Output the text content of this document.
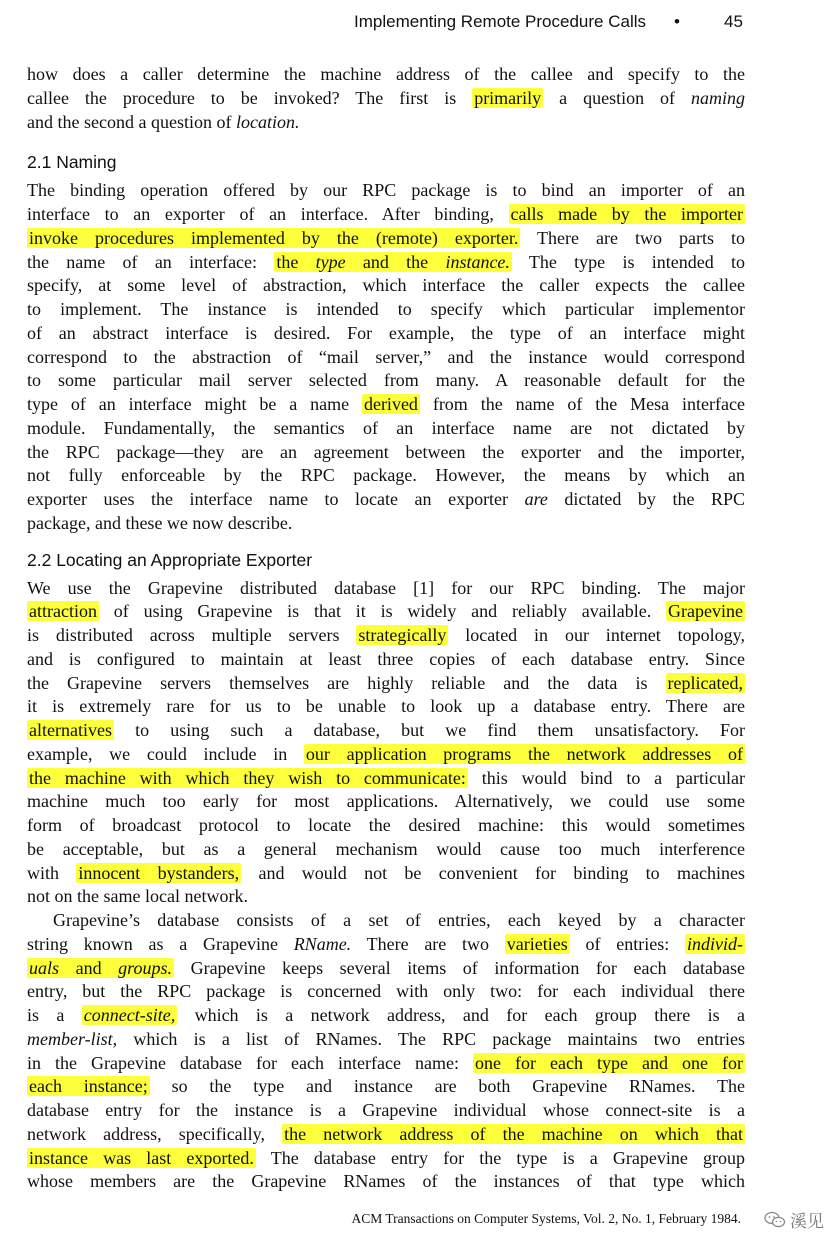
Implementing Remote Procedure Calls •	45
how does a caller determine the machine address of the callee and specify to the
callee the procedure to be invoked? The first is primarily a question of naming
and the second a question of location.
2.1 Naming
The binding operation offered by our RPC package is to bind an importer of an
interface to an exporter of an interface. After binding, calls made by the importer
invoke procedures implemented by the (remote) exporter. There are two parts to
the name of an interface: the type and the instance. The type is intended to
specify, at some level of abstraction, which interface the caller expects the callee
to implement. The instance is intended to specify which particular implementor
of an abstract interface is desired. For example, the type of an interface might
correspond to the abstraction of “mail server,” and the instance would correspond
to some particular mail server selected from many. A reasonable default for the
type of an interface might be a name derived from the name of the Mesa interface
module. Fundamentally, the semantics of an interface name are not dictated by
the RPC package—they are an agreement between the exporter and the importer,
not fully enforceable by the RPC package. However, the means by which an
exporter uses the interface name to locate an exporter are dictated by the RPC
package, and these we now describe.
2.2 Locating an Appropriate Exporter
We use the Grapevine distributed database [1] for our RPC binding. The major
attraction of using Grapevine is that it is widely and reliably available. Grapevine
is distributed across multiple servers strategically located in our internet topology,
and is configured to maintain at least three copies of each database entry. Since
the Grapevine servers themselves are highly reliable and the data is replicated,
it is extremely rare for us to be unable to look up a database entry. There are
alternatives to using such a database, but we find them unsatisfactory. For
example, we could include in our application programs the network addresses of
the machine with which they wish to communicate: this would bind to a particular
machine much too early for most applications. Alternatively, we could use some
form of broadcast protocol to locate the desired machine: this would sometimes
be acceptable, but as a general mechanism would cause too much interference
with innocent bystanders, and would not be convenient for binding to machines
not on the same local network.
Grapevine’s database consists of a set of entries, each keyed by a character
string known as a Grapevine RName. There are two varieties of entries: individ-
uals and groups. Grapevine keeps several items of information for each database
entry, but the RPC package is concerned with only two: for each individual there
is a connect-site, which is a network address, and for each group there is a
member-list, which is a list of RNames. The RPC package maintains two entries
in the Grapevine database for each interface name: one for each type and one for
each instance; so the type and instance are both Grapevine RNames. The
database entry for the instance is a Grapevine individual whose connect-site is a
network address, specifically, the network address of the machine on which that
instance was last exported. The database entry for the type is a Grapevine group
whose members are the Grapevine RNames of the instances of that type which
ACM Transactions on Computer Systems, Vol. 2, No. 1, February 1984.	溪见
